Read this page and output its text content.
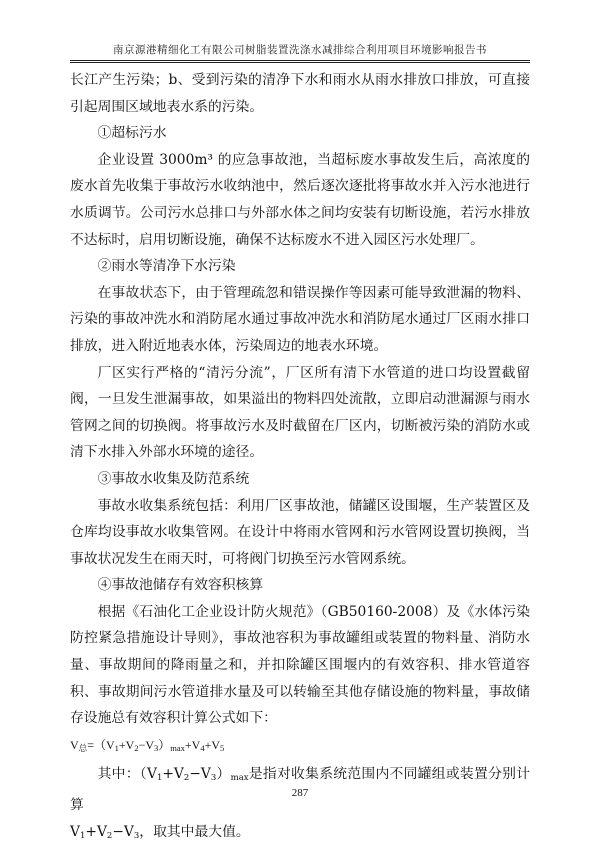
南京源港精细化工有限公司树脂装置洗涤水减排综合利用项目环境影响报告书

长江产生污染；b、受到污染的清净下水和雨水从雨水排放口排放，可直接引起周围区域地表水系的污染。

①超标污水

企业设置 3000m³ 的应急事故池，当超标废水事故发生后，高浓度的废水首先收集于事故污水收纳池中，然后逐次逐批将事故水并入污水池进行水质调节。公司污水总排口与外部水体之间均安装有切断设施，若污水排放不达标时，启用切断设施，确保不达标废水不进入园区污水处理厂。

②雨水等清净下水污染

在事故状态下，由于管理疏忽和错误操作等因素可能导致泄漏的物料、污染的事故冲洗水和消防尾水通过事故冲洗水和消防尾水通过厂区雨水排口排放，进入附近地表水体，污染周边的地表水环境。

厂区实行严格的“清污分流”，厂区所有清下水管道的进口均设置截留阀，一旦发生泄漏事故，如果溢出的物料四处流散，立即启动泄漏源与雨水管网之间的切换阀。将事故污水及时截留在厂区内，切断被污染的消防水或清下水排入外部水环境的途径。

③事故水收集及防范系统

事故水收集系统包括：利用厂区事故池，储罐区设围堰，生产装置区及仓库均设事故水收集管网。在设计中将雨水管网和污水管网设置切换阀，当事故状况发生在雨天时，可将阀门切换至污水管网系统。

④事故池储存有效容积核算

根据《石油化工企业设计防火规范》（GB50160-2008）及《水体污染防控紧急措施设计导则》，事故池容积为事故罐组或装置的物料量、消防水量、事故期间的降雨量之和，并扣除罐区围堰内的有效容积、排水管道容积、事故期间污水管道排水量及可以转输至其他存储设施的物料量，事故储存设施总有效容积计算公式如下：

$V_总=(V_1+V_2-V_3)_{max}+V_4+V_5$

其中：$(V_1+V_2-V_3)_{max}$是指对收集系统范围内不同罐组或装置分别计算

$V_1+V_2-V_3$，取其中最大值。

287
